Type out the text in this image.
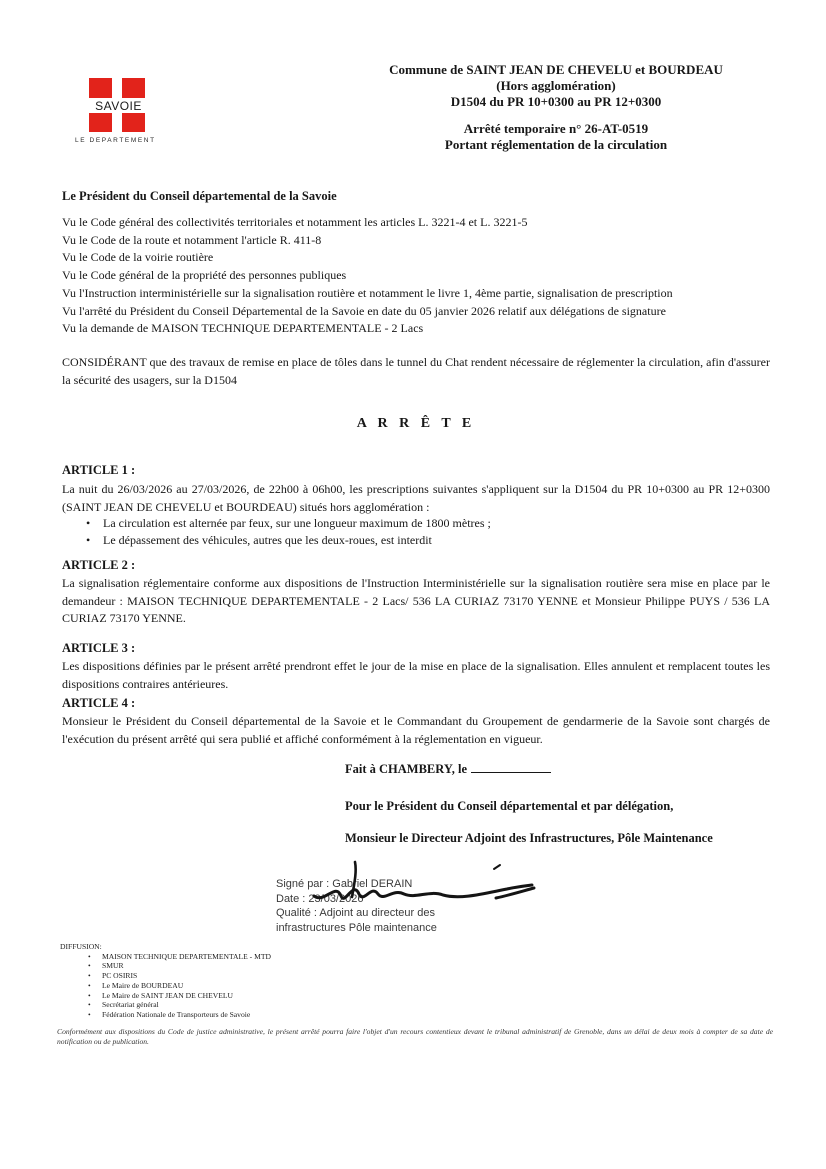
SAVOIE
LE DEPARTEMENT
Commune de SAINT JEAN DE CHEVELU et BOURDEAU
(Hors agglomération)
D1504 du PR 10+0300 au PR 12+0300
Arrêté temporaire n° 26-AT-0519
Portant réglementation de la circulation
Le Président du Conseil départemental de la Savoie
Vu le Code général des collectivités territoriales et notamment les articles L. 3221-4 et L. 3221-5
Vu le Code de la route et notamment l'article R. 411-8
Vu le Code de la voirie routière
Vu le Code général de la propriété des personnes publiques
Vu l'Instruction interministérielle sur la signalisation routière et notamment le livre 1, 4ème partie, signalisation de prescription
Vu l'arrêté du Président du Conseil Départemental de la Savoie en date du 05 janvier 2026 relatif aux délégations de signature
Vu la demande de MAISON TECHNIQUE DEPARTEMENTALE - 2 Lacs
CONSIDÉRANT que des travaux de remise en place de tôles dans le tunnel du Chat rendent nécessaire de réglementer la circulation, afin d'assurer la sécurité des usagers, sur la D1504
A R R Ê T E
ARTICLE 1 :
La nuit du 26/03/2026 au 27/03/2026, de 22h00 à 06h00, les prescriptions suivantes s'appliquent sur la D1504 du PR 10+0300 au PR 12+0300 (SAINT JEAN DE CHEVELU et BOURDEAU) situés hors agglomération :
• La circulation est alternée par feux, sur une longueur maximum de 1800 mètres ;
• Le dépassement des véhicules, autres que les deux-roues, est interdit
ARTICLE 2 :
La signalisation réglementaire conforme aux dispositions de l'Instruction Interministérielle sur la signalisation routière sera mise en place par le demandeur : MAISON TECHNIQUE DEPARTEMENTALE - 2 Lacs/ 536 LA CURIAZ 73170 YENNE et Monsieur Philippe PUYS / 536 LA CURIAZ 73170 YENNE.
ARTICLE 3 :
Les dispositions définies par le présent arrêté prendront effet le jour de la mise en place de la signalisation. Elles annulent et remplacent toutes les dispositions contraires antérieures.
ARTICLE 4 :
Monsieur le Président du Conseil départemental de la Savoie et le Commandant du Groupement de gendarmerie de la Savoie sont chargés de l'exécution du présent arrêté qui sera publié et affiché conformément à la réglementation en vigueur.
Fait à CHAMBERY, le
Pour le Président du Conseil départemental et par délégation,
Monsieur le Directeur Adjoint des Infrastructures, Pôle Maintenance
Signé par : Gabriel DERAIN
Date : 23/03/2026
Qualité : Adjoint au directeur des
infrastructures Pôle maintenance
DIFFUSION:
• MAISON TECHNIQUE DEPARTEMENTALE - MTD
• SMUR
• PC OSIRIS
• Le Maire de BOURDEAU
• Le Maire de SAINT JEAN DE CHEVELU
• Secrétariat général
• Fédération Nationale de Transporteurs de Savoie
Conformément aux dispositions du Code de justice administrative, le présent arrêté pourra faire l'objet d'un recours contentieux devant le tribunal administratif de Grenoble, dans un délai de deux mois à compter de sa date de notification ou de publication.
